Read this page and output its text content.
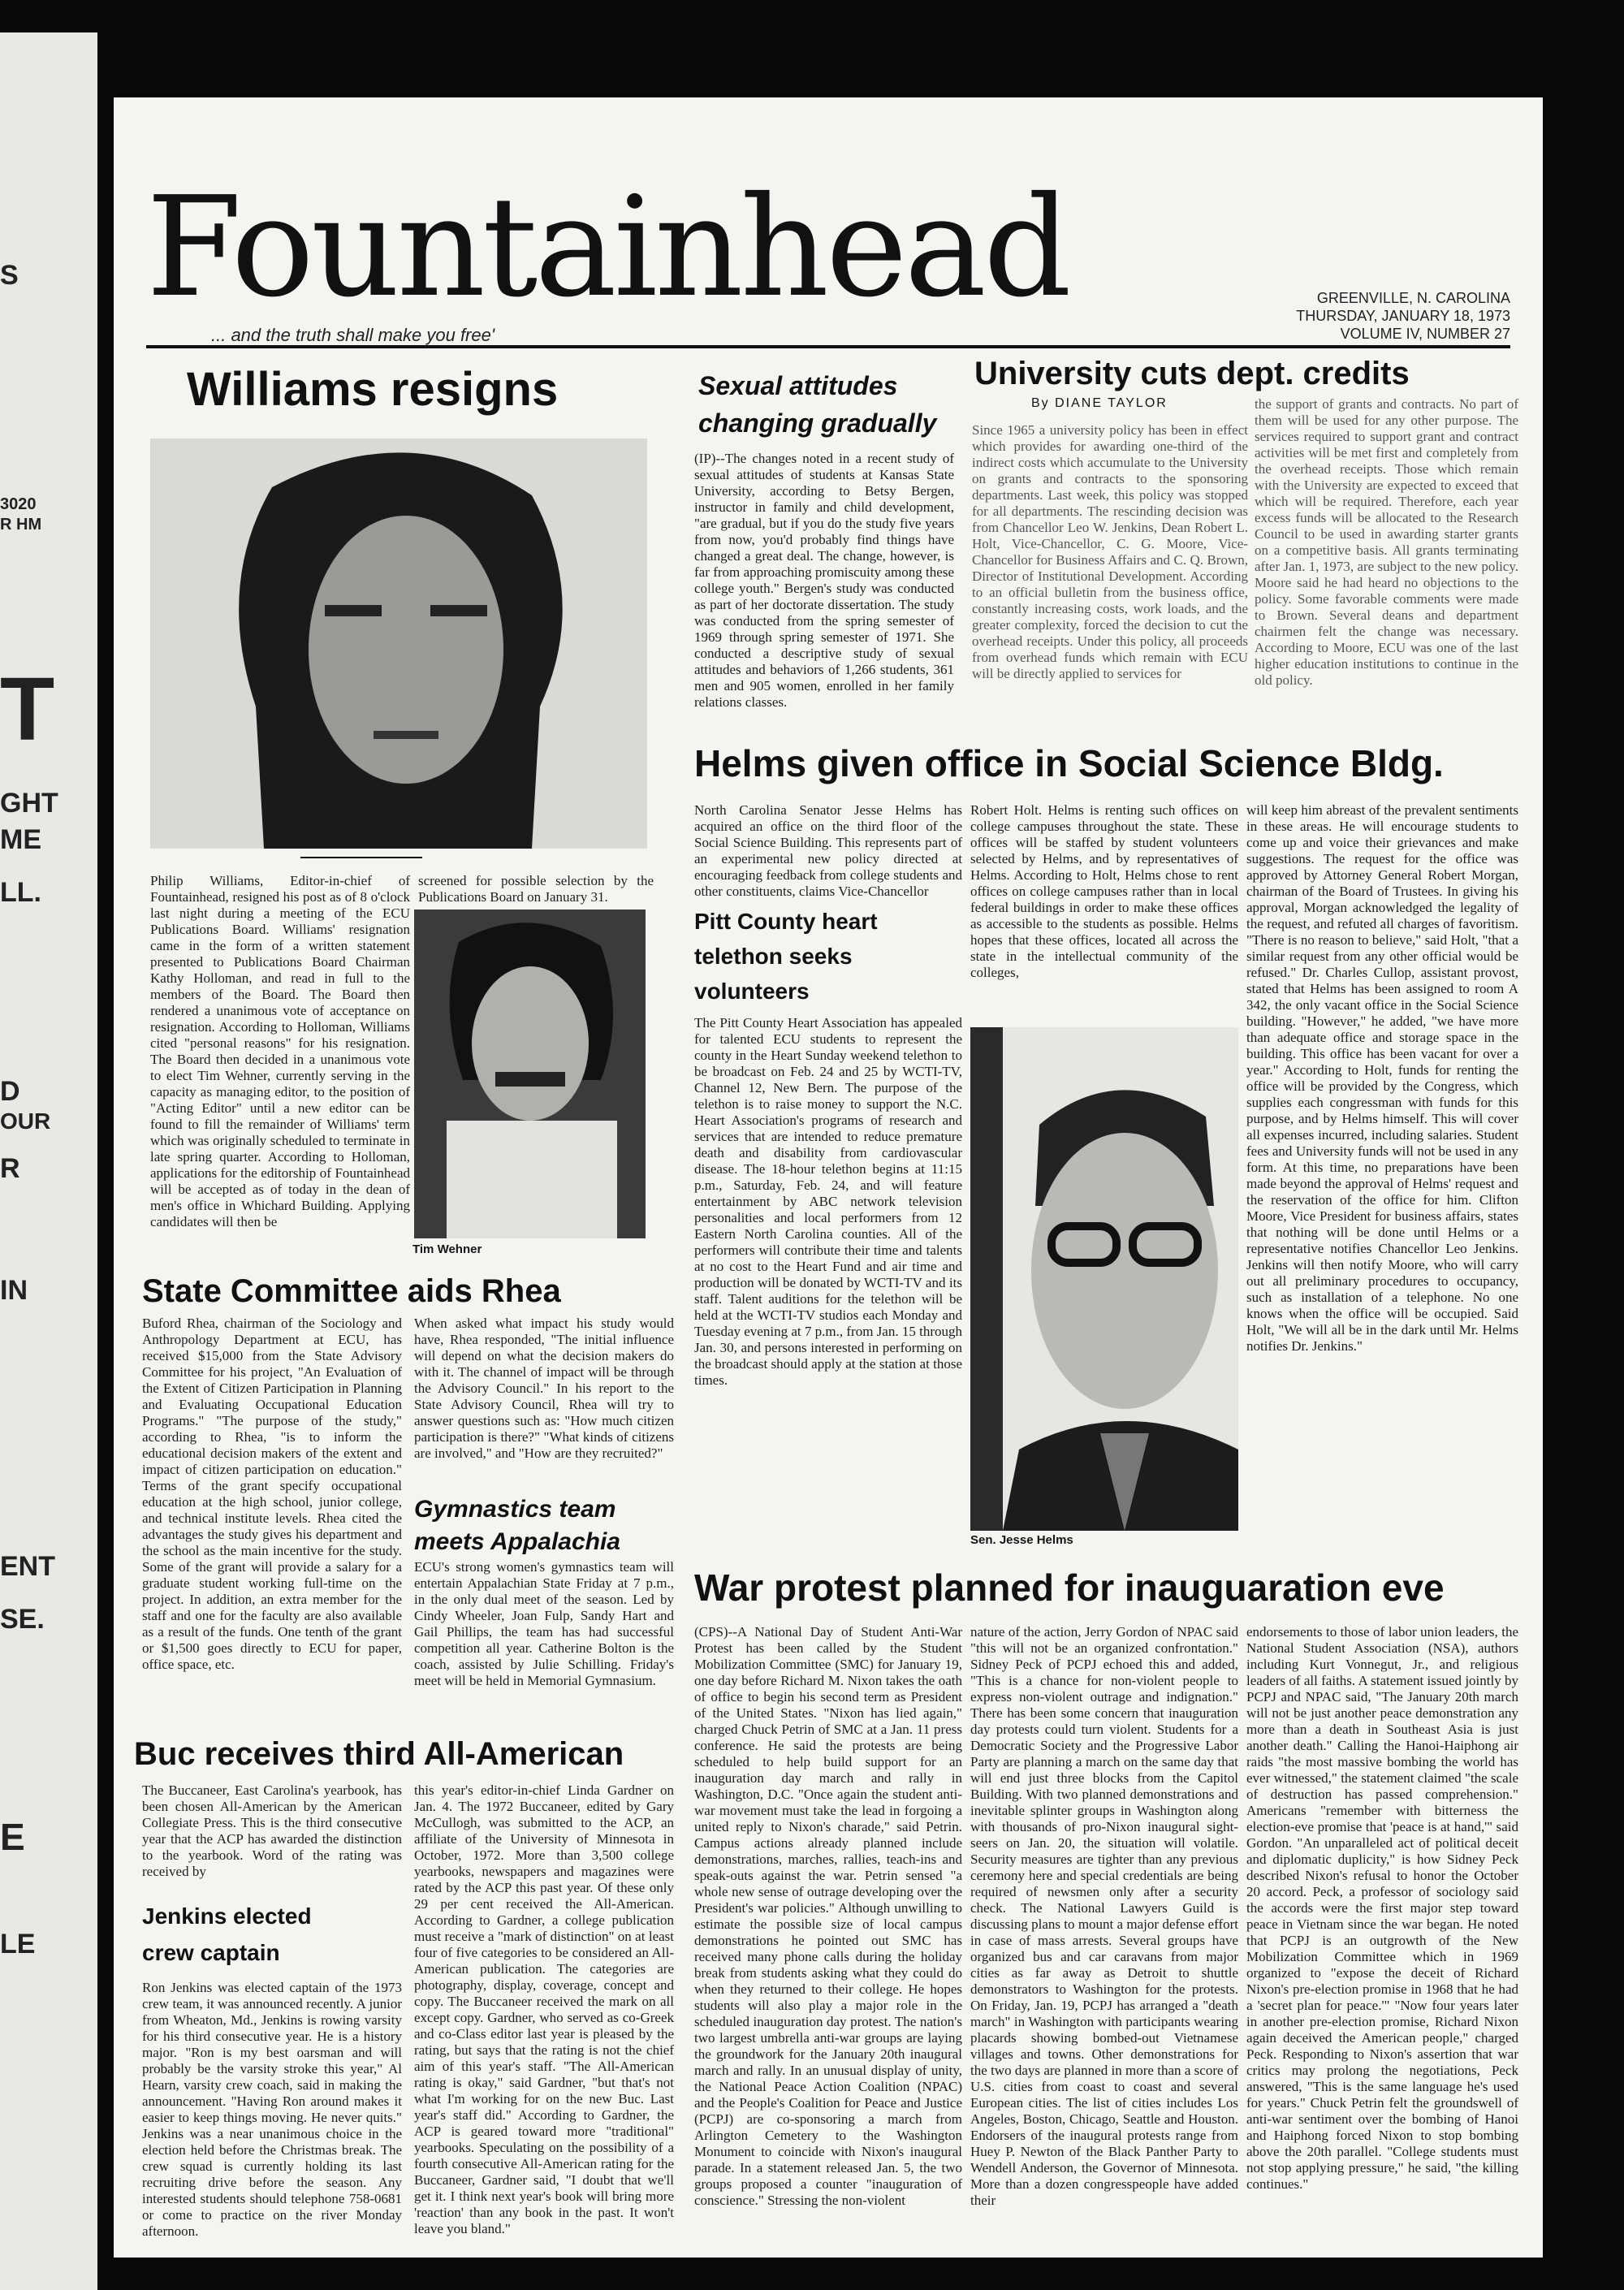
S
3020
R HM
T
GHT
ME
LL.
D
OUR
R
IN
ENT
SE.
E
LE
Fountainhead
... and the truth shall make you free'
GREENVILLE, N. CAROLINA
THURSDAY, JANUARY 18, 1973
VOLUME IV, NUMBER 27
Williams resigns
Philip Williams, Editor-in-chief of Fountainhead, resigned his post as of 8 o'clock last night during a meeting of the ECU Publications Board. Williams' resignation came in the form of a written statement presented to Publications Board Chairman Kathy Holloman, and read in full to the members of the Board. The Board then rendered a unanimous vote of acceptance on resignation. According to Holloman, Williams cited "personal reasons" for his resignation. The Board then decided in a unanimous vote to elect Tim Wehner, currently serving in the capacity as managing editor, to the position of "Acting Editor" until a new editor can be found to fill the remainder of Williams' term which was originally scheduled to terminate in late spring quarter. According to Holloman, applications for the editorship of Fountainhead will be accepted as of today in the dean of men's office in Whichard Building. Applying candidates will then be
screened for possible selection by the Publications Board on January 31.
Tim Wehner
Sexual attitudes
changing gradually
(IP)--The changes noted in a recent study of sexual attitudes of students at Kansas State University, according to Betsy Bergen, instructor in family and child development, "are gradual, but if you do the study five years from now, you'd probably find things have changed a great deal. The change, however, is far from approaching promiscuity among these college youth." Bergen's study was conducted as part of her doctorate dissertation. The study was conducted from the spring semester of 1969 through spring semester of 1971. She conducted a descriptive study of sexual attitudes and behaviors of 1,266 students, 361 men and 905 women, enrolled in her family relations classes.
University cuts dept. credits
By DIANE TAYLOR
Since 1965 a university policy has been in effect which provides for awarding one-third of the indirect costs which accumulate to the University on grants and contracts to the sponsoring departments. Last week, this policy was stopped for all departments. The rescinding decision was from Chancellor Leo W. Jenkins, Dean Robert L. Holt, Vice-Chancellor, C. G. Moore, Vice-Chancellor for Business Affairs and C. Q. Brown, Director of Institutional Development. According to an official bulletin from the business office, constantly increasing costs, work loads, and the greater complexity, forced the decision to cut the overhead receipts. Under this policy, all proceeds from overhead funds which remain with ECU will be directly applied to services for
the support of grants and contracts. No part of them will be used for any other purpose. The services required to support grant and contract activities will be met first and completely from the overhead receipts. Those which remain with the University are expected to exceed that which will be required. Therefore, each year excess funds will be allocated to the Research Council to be used in awarding starter grants on a competitive basis. All grants terminating after Jan. 1, 1973, are subject to the new policy. Moore said he had heard no objections to the policy. Some favorable comments were made to Brown. Several deans and department chairmen felt the change was necessary. According to Moore, ECU was one of the last higher education institutions to continue in the old policy.
Helms given office in Social Science Bldg.
North Carolina Senator Jesse Helms has acquired an office on the third floor of the Social Science Building. This represents part of an experimental new policy directed at encouraging feedback from college students and other constituents, claims Vice-Chancellor
Robert Holt. Helms is renting such offices on college campuses throughout the state. These offices will be staffed by student volunteers selected by Helms, and by representatives of Helms. According to Holt, Helms chose to rent offices on college campuses rather than in local federal buildings in order to make these offices as accessible to the students as possible. Helms hopes that these offices, located all across the state in the intellectual community of the colleges,
will keep him abreast of the prevalent sentiments in these areas. He will encourage students to come up and voice their grievances and make suggestions. The request for the office was approved by Attorney General Robert Morgan, chairman of the Board of Trustees. In giving his approval, Morgan acknowledged the legality of the request, and refuted all charges of favoritism. "There is no reason to believe," said Holt, "that a similar request from any other official would be refused." Dr. Charles Cullop, assistant provost, stated that Helms has been assigned to room A 342, the only vacant office in the Social Science building. "However," he added, "we have more than adequate office and storage space in the building. This office has been vacant for over a year." According to Holt, funds for renting the office will be provided by the Congress, which supplies each congressman with funds for this purpose, and by Helms himself. This will cover all expenses incurred, including salaries. Student fees and University funds will not be used in any form. At this time, no preparations have been made beyond the approval of Helms' request and the reservation of the office for him. Clifton Moore, Vice President for business affairs, states that nothing will be done until Helms or a representative notifies Chancellor Leo Jenkins. Jenkins will then notify Moore, who will carry out all preliminary procedures to occupancy, such as installation of a telephone. No one knows when the office will be occupied. Said Holt, "We will all be in the dark until Mr. Helms notifies Dr. Jenkins."
Sen. Jesse Helms
Pitt County heart
telethon seeks
volunteers
The Pitt County Heart Association has appealed for talented ECU students to represent the county in the Heart Sunday weekend telethon to be broadcast on Feb. 24 and 25 by WCTI-TV, Channel 12, New Bern. The purpose of the telethon is to raise money to support the N.C. Heart Association's programs of research and services that are intended to reduce premature death and disability from cardiovascular disease. The 18-hour telethon begins at 11:15 p.m., Saturday, Feb. 24, and will feature entertainment by ABC network television personalities and local performers from 12 Eastern North Carolina counties. All of the performers will contribute their time and talents at no cost to the Heart Fund and air time and production will be donated by WCTI-TV and its staff. Talent auditions for the telethon will be held at the WCTI-TV studios each Monday and Tuesday evening at 7 p.m., from Jan. 15 through Jan. 30, and persons interested in performing on the broadcast should apply at the station at those times.
State Committee aids Rhea
Buford Rhea, chairman of the Sociology and Anthropology Department at ECU, has received $15,000 from the State Advisory Committee for his project, "An Evaluation of the Extent of Citizen Participation in Planning and Evaluating Occupational Education Programs." "The purpose of the study," according to Rhea, "is to inform the educational decision makers of the extent and impact of citizen participation on education." Terms of the grant specify occupational education at the high school, junior college, and technical institute levels. Rhea cited the advantages the study gives his department and the school as the main incentive for the study. Some of the grant will provide a salary for a graduate student working full-time on the project. In addition, an extra member for the staff and one for the faculty are also available as a result of the funds. One tenth of the grant or $1,500 goes directly to ECU for paper, office space, etc.
When asked what impact his study would have, Rhea responded, "The initial influence will depend on what the decision makers do with it. The channel of impact will be through the Advisory Council." In his report to the State Advisory Council, Rhea will try to answer questions such as: "How much citizen participation is there?" "What kinds of citizens are involved," and "How are they recruited?"
Gymnastics team
meets Appalachia
ECU's strong women's gymnastics team will entertain Appalachian State Friday at 7 p.m., in the only dual meet of the season. Led by Cindy Wheeler, Joan Fulp, Sandy Hart and Gail Phillips, the team has had successful competition all year. Catherine Bolton is the coach, assisted by Julie Schilling. Friday's meet will be held in Memorial Gymnasium.
Buc receives third All-American
The Buccaneer, East Carolina's yearbook, has been chosen All-American by the American Collegiate Press. This is the third consecutive year that the ACP has awarded the distinction to the yearbook. Word of the rating was received by
this year's editor-in-chief Linda Gardner on Jan. 4. The 1972 Buccaneer, edited by Gary McCullogh, was submitted to the ACP, an affiliate of the University of Minnesota in October, 1972. More than 3,500 college yearbooks, newspapers and magazines were rated by the ACP this past year. Of these only 29 per cent received the All-American. According to Gardner, a college publication must receive a "mark of distinction" on at least four of five categories to be considered an All-American publication. The categories are photography, display, coverage, concept and copy. The Buccaneer received the mark on all except copy. Gardner, who served as co-Greek and co-Class editor last year is pleased by the rating, but says that the rating is not the chief aim of this year's staff. "The All-American rating is okay," said Gardner, "but that's not what I'm working for on the new Buc. Last year's staff did." According to Gardner, the ACP is geared toward more "traditional" yearbooks. Speculating on the possibility of a fourth consecutive All-American rating for the Buccaneer, Gardner said, "I doubt that we'll get it. I think next year's book will bring more 'reaction' than any book in the past. It won't leave you bland."
Jenkins elected
crew captain
Ron Jenkins was elected captain of the 1973 crew team, it was announced recently. A junior from Wheaton, Md., Jenkins is rowing varsity for his third consecutive year. He is a history major. "Ron is my best oarsman and will probably be the varsity stroke this year," Al Hearn, varsity crew coach, said in making the announcement. "Having Ron around makes it easier to keep things moving. He never quits." Jenkins was a near unanimous choice in the election held before the Christmas break. The crew squad is currently holding its last recruiting drive before the season. Any interested students should telephone 758-0681 or come to practice on the river Monday afternoon.
War protest planned for inauguaration eve
(CPS)--A National Day of Student Anti-War Protest has been called by the Student Mobilization Committee (SMC) for January 19, one day before Richard M. Nixon takes the oath of office to begin his second term as President of the United States. "Nixon has lied again," charged Chuck Petrin of SMC at a Jan. 11 press conference. He said the protests are being scheduled to help build support for an inauguration day march and rally in Washington, D.C. "Once again the student anti-war movement must take the lead in forgoing a united reply to Nixon's charade," said Petrin. Campus actions already planned include demonstrations, marches, rallies, teach-ins and speak-outs against the war. Petrin sensed "a whole new sense of outrage developing over the President's war policies." Although unwilling to estimate the possible size of local campus demonstrations he pointed out SMC has received many phone calls during the holiday break from students asking what they could do when they returned to their college. He hopes students will also play a major role in the scheduled inauguration day protest. The nation's two largest umbrella anti-war groups are laying the groundwork for the January 20th inaugural march and rally. In an unusual display of unity, the National Peace Action Coalition (NPAC) and the People's Coalition for Peace and Justice (PCPJ) are co-sponsoring a march from Arlington Cemetery to the Washington Monument to coincide with Nixon's inaugural parade. In a statement released Jan. 5, the two groups proposed a counter "inauguration of conscience." Stressing the non-violent
nature of the action, Jerry Gordon of NPAC said "this will not be an organized confrontation." Sidney Peck of PCPJ echoed this and added, "This is a chance for non-violent people to express non-violent outrage and indignation." There has been some concern that inauguration day protests could turn violent. Students for a Democratic Society and the Progressive Labor Party are planning a march on the same day that will end just three blocks from the Capitol Building. With two planned demonstrations and inevitable splinter groups in Washington along with thousands of pro-Nixon inaugural sight-seers on Jan. 20, the situation will volatile. Security measures are tighter than any previous ceremony here and special credentials are being required of newsmen only after a security check. The National Lawyers Guild is discussing plans to mount a major defense effort in case of mass arrests. Several groups have organized bus and car caravans from major cities as far away as Detroit to shuttle demonstrators to Washington for the protests. On Friday, Jan. 19, PCPJ has arranged a "death march" in Washington with participants wearing placards showing bombed-out Vietnamese villages and towns. Other demonstrations for the two days are planned in more than a score of U.S. cities from coast to coast and several European cities. The list of cities includes Los Angeles, Boston, Chicago, Seattle and Houston. Endorsers of the inaugural protests range from Huey P. Newton of the Black Panther Party to Wendell Anderson, the Governor of Minnesota. More than a dozen congresspeople have added their
endorsements to those of labor union leaders, the National Student Association (NSA), authors including Kurt Vonnegut, Jr., and religious leaders of all faiths. A statement issued jointly by PCPJ and NPAC said, "The January 20th march will not be just another peace demonstration any more than a death in Southeast Asia is just another death." Calling the Hanoi-Haiphong air raids "the most massive bombing the world has ever witnessed," the statement claimed "the scale of destruction has passed comprehension." Americans "remember with bitterness the election-eve promise that 'peace is at hand,'" said Gordon. "An unparalleled act of political deceit and diplomatic duplicity," is how Sidney Peck described Nixon's refusal to honor the October 20 accord. Peck, a professor of sociology said the accords were the first major step toward peace in Vietnam since the war began. He noted that PCPJ is an outgrowth of the New Mobilization Committee which in 1969 organized to "expose the deceit of Richard Nixon's pre-election promise in 1968 that he had a 'secret plan for peace.'" "Now four years later in another pre-election promise, Richard Nixon again deceived the American people," charged Peck. Responding to Nixon's assertion that war critics may prolong the negotiations, Peck answered, "This is the same language he's used for years." Chuck Petrin felt the groundswell of anti-war sentiment over the bombing of Hanoi and Haiphong forced Nixon to stop bombing above the 20th parallel. "College students must not stop applying pressure," he said, "the killing continues."
